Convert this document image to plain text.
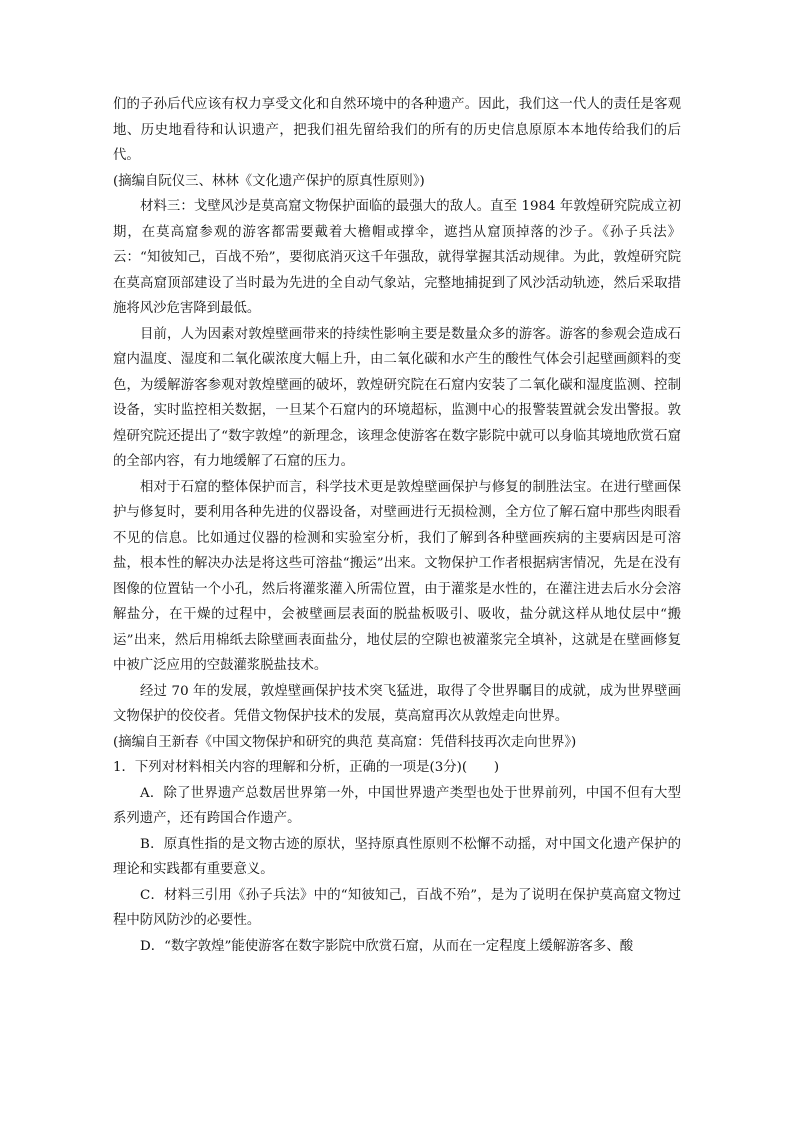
们的子孙后代应该有权力享受文化和自然环境中的各种遗产。因此，我们这一代人的责任是客观地、历史地看待和认识遗产，把我们祖先留给我们的所有的历史信息原原本本地传给我们的后代。

(摘编自阮仪三、林林《文化遗产保护的原真性原则》)

材料三：戈壁风沙是莫高窟文物保护面临的最强大的敌人。直至 1984 年敦煌研究院成立初期，在莫高窟参观的游客都需要戴着大檐帽或撑伞，遮挡从窟顶掉落的沙子。《孙子兵法》云：“知彼知己，百战不殆”，要彻底消灭这千年强敌，就得掌握其活动规律。为此，敦煌研究院在莫高窟顶部建设了当时最为先进的全自动气象站，完整地捕捉到了风沙活动轨迹，然后采取措施将风沙危害降到最低。

目前，人为因素对敦煌壁画带来的持续性影响主要是数量众多的游客。游客的参观会造成石窟内温度、湿度和二氧化碳浓度大幅上升，由二氧化碳和水产生的酸性气体会引起壁画颜料的变色，为缓解游客参观对敦煌壁画的破坏，敦煌研究院在石窟内安装了二氧化碳和湿度监测、控制设备，实时监控相关数据，一旦某个石窟内的环境超标，监测中心的报警装置就会发出警报。敦煌研究院还提出了“数字敦煌”的新理念，该理念使游客在数字影院中就可以身临其境地欣赏石窟的全部内容，有力地缓解了石窟的压力。

相对于石窟的整体保护而言，科学技术更是敦煌壁画保护与修复的制胜法宝。在进行壁画保护与修复时，要利用各种先进的仪器设备，对壁画进行无损检测，全方位了解石窟中那些肉眼看不见的信息。比如通过仪器的检测和实验室分析，我们了解到各种壁画疾病的主要病因是可溶盐，根本性的解决办法是将这些可溶盐“搬运”出来。文物保护工作者根据病害情况，先是在没有图像的位置钻一个小孔，然后将灌浆灌入所需位置，由于灌浆是水性的，在灌注进去后水分会溶解盐分，在干燥的过程中，会被壁画层表面的脱盐板吸引、吸收，盐分就这样从地仗层中“搬运”出来，然后用棉纸去除壁画表面盐分，地仗层的空隙也被灌浆完全填补，这就是在壁画修复中被广泛应用的空鼓灌浆脱盐技术。

经过 70 年的发展，敦煌壁画保护技术突飞猛进，取得了令世界瞩目的成就，成为世界壁画文物保护的佼佼者。凭借文物保护技术的发展，莫高窟再次从敦煌走向世界。

(摘编自王新春《中国文物保护和研究的典范 莫高窟：凭借科技再次走向世界》)

1．下列对材料相关内容的理解和分析，正确的一项是(3分)(　　)

A．除了世界遗产总数居世界第一外，中国世界遗产类型也处于世界前列，中国不但有大型系列遗产，还有跨国合作遗产。

B．原真性指的是文物古迹的原状，坚持原真性原则不松懈不动摇，对中国文化遗产保护的理论和实践都有重要意义。

C．材料三引用《孙子兵法》中的“知彼知己，百战不殆”，是为了说明在保护莫高窟文物过程中防风防沙的必要性。

D．“数字敦煌”能使游客在数字影院中欣赏石窟，从而在一定程度上缓解游客多、酸
